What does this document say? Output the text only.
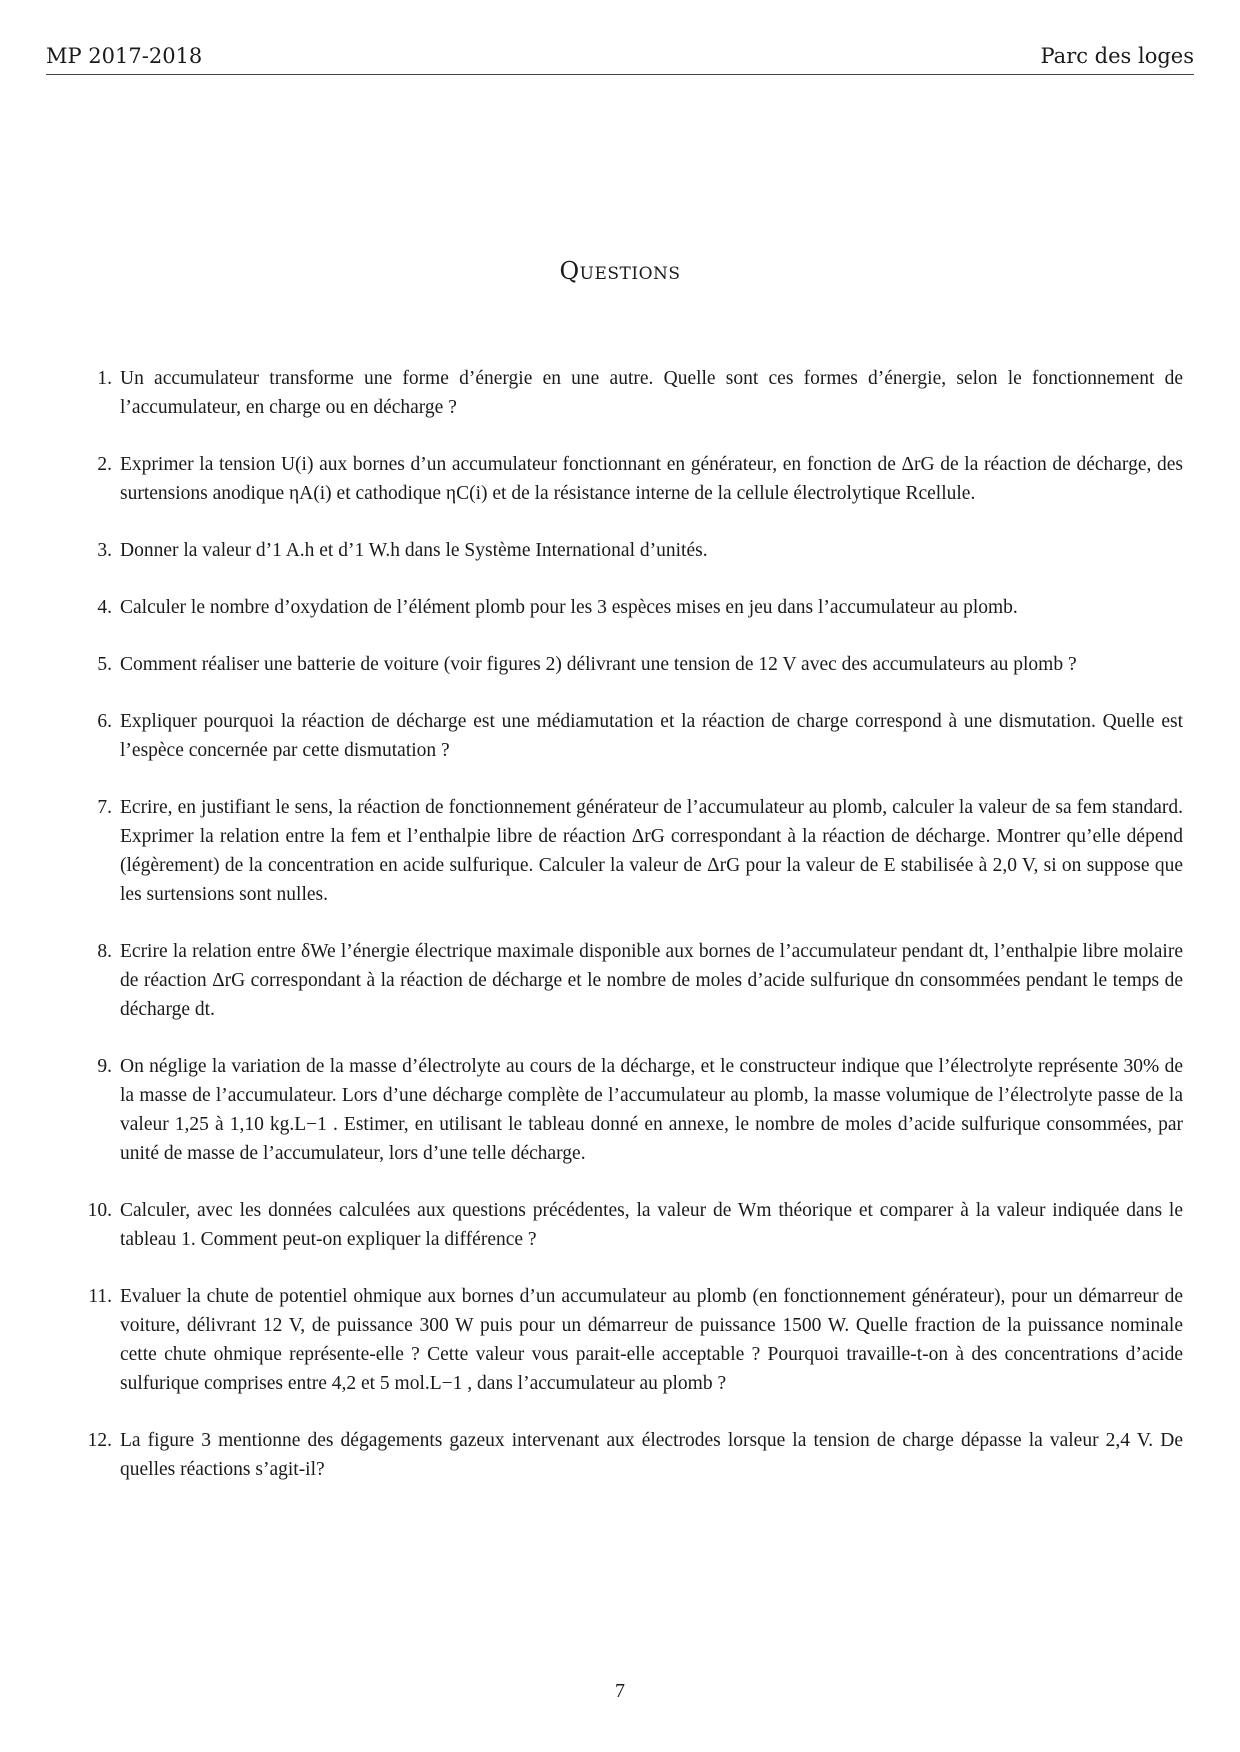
MP 2017-2018	Parc des loges
Questions
1. Un accumulateur transforme une forme d’énergie en une autre. Quelle sont ces formes d’énergie, selon le fonctionnement de l’accumulateur, en charge ou en décharge ?
2. Exprimer la tension U(i) aux bornes d’un accumulateur fonctionnant en générateur, en fonction de ΔrG de la réaction de décharge, des surtensions anodique ηA(i) et cathodique ηC(i) et de la résistance interne de la cellule électrolytique Rcellule.
3. Donner la valeur d’1 A.h et d’1 W.h dans le Système International d’unités.
4. Calculer le nombre d’oxydation de l’élément plomb pour les 3 espèces mises en jeu dans l’accumulateur au plomb.
5. Comment réaliser une batterie de voiture (voir figures 2) délivrant une tension de 12 V avec des accumulateurs au plomb ?
6. Expliquer pourquoi la réaction de décharge est une médiamutation et la réaction de charge correspond à une dismutation. Quelle est l’espèce concernée par cette dismutation ?
7. Ecrire, en justifiant le sens, la réaction de fonctionnement générateur de l’accumulateur au plomb, calculer la valeur de sa fem standard. Exprimer la relation entre la fem et l’enthalpie libre de réaction ΔrG correspondant à la réaction de décharge. Montrer qu’elle dépend (légèrement) de la concentration en acide sulfurique. Calculer la valeur de ΔrG pour la valeur de E stabilisée à 2,0 V, si on suppose que les surtensions sont nulles.
8. Ecrire la relation entre δWe l’énergie électrique maximale disponible aux bornes de l’accumulateur pendant dt, l’enthalpie libre molaire de réaction ΔrG correspondant à la réaction de décharge et le nombre de moles d’acide sulfurique dn consommées pendant le temps de décharge dt.
9. On néglige la variation de la masse d’électrolyte au cours de la décharge, et le constructeur indique que l’électrolyte représente 30% de la masse de l’accumulateur. Lors d’une décharge complète de l’accumulateur au plomb, la masse volumique de l’électrolyte passe de la valeur 1,25 à 1,10 kg.L−1 . Estimer, en utilisant le tableau donné en annexe, le nombre de moles d’acide sulfurique consommées, par unité de masse de l’accumulateur, lors d’une telle décharge.
10. Calculer, avec les données calculées aux questions précédentes, la valeur de Wm théorique et comparer à la valeur indiquée dans le tableau 1. Comment peut-on expliquer la différence ?
11. Evaluer la chute de potentiel ohmique aux bornes d’un accumulateur au plomb (en fonctionnement générateur), pour un démarreur de voiture, délivrant 12 V, de puissance 300 W puis pour un démarreur de puissance 1500 W. Quelle fraction de la puissance nominale cette chute ohmique représente-elle ? Cette valeur vous parait-elle acceptable ? Pourquoi travaille-t-on à des concentrations d’acide sulfurique comprises entre 4,2 et 5 mol.L−1 , dans l’accumulateur au plomb ?
12. La figure 3 mentionne des dégagements gazeux intervenant aux électrodes lorsque la tension de charge dépasse la valeur 2,4 V. De quelles réactions s’agit-il?
7
